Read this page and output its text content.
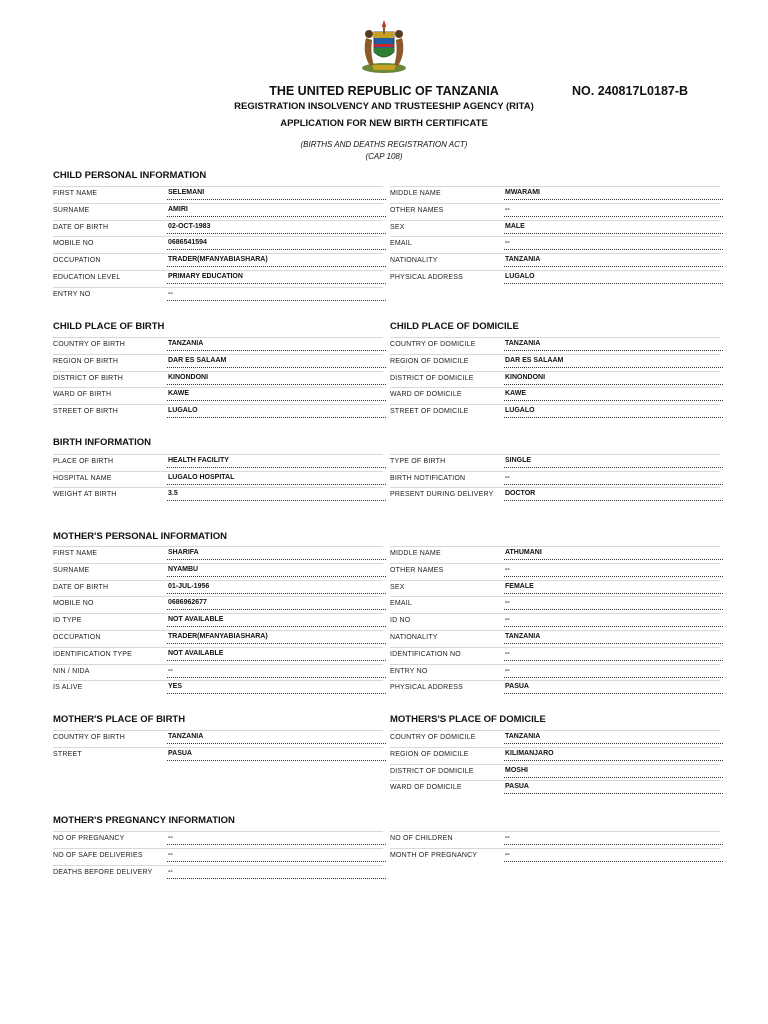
THE UNITED REPUBLIC OF TANZANIA	NO. 240817L0187-B
REGISTRATION INSOLVENCY AND TRUSTEESHIP AGENCY (RITA)
APPLICATION FOR NEW BIRTH CERTIFICATE
(BIRTHS AND DEATHS REGISTRATION ACT)
(CAP 108)
CHILD PERSONAL INFORMATION
FIRST NAME	SELEMANI	MIDDLE NAME	MWARAMI
SURNAME	AMIRI	OTHER NAMES	--
DATE OF BIRTH	02-OCT-1983	SEX	MALE
MOBILE NO	0686541594	EMAIL	--
OCCUPATION	TRADER(MFANYABIASHARA)	NATIONALITY	TANZANIA
EDUCATION LEVEL	PRIMARY EDUCATION	PHYSICAL ADDRESS	LUGALO
ENTRY NO	--
CHILD PLACE OF BIRTH	CHILD PLACE OF DOMICILE
COUNTRY OF BIRTH	TANZANIA	COUNTRY OF DOMICILE	TANZANIA
REGION OF BIRTH	DAR ES SALAAM	REGION OF DOMICILE	DAR ES SALAAM
DISTRICT OF BIRTH	KINONDONI	DISTRICT OF DOMICILE	KINONDONI
WARD OF BIRTH	KAWE	WARD OF DOMICILE	KAWE
STREET OF BIRTH	LUGALO	STREET OF DOMICILE	LUGALO
BIRTH INFORMATION
PLACE OF BIRTH	HEALTH FACILITY	TYPE OF BIRTH	SINGLE
HOSPITAL NAME	LUGALO HOSPITAL	BIRTH NOTIFICATION	--
WEIGHT AT BIRTH	3.5	PRESENT DURING DELIVERY	DOCTOR
MOTHER'S PERSONAL INFORMATION
FIRST NAME	SHARIFA	MIDDLE NAME	ATHUMANI
SURNAME	NYAMBU	OTHER NAMES	--
DATE OF BIRTH	01-JUL-1956	SEX	FEMALE
MOBILE NO	0686962677	EMAIL	--
ID TYPE	NOT AVAILABLE	ID NO	--
OCCUPATION	TRADER(MFANYABIASHARA)	NATIONALITY	TANZANIA
IDENTIFICATION TYPE	NOT AVAILABLE	IDENTIFICATION NO	--
NIN / NIDA	--	ENTRY NO	--
IS ALIVE	YES	PHYSICAL ADDRESS	PASUA
MOTHER'S PLACE OF BIRTH	MOTHERS'S PLACE OF DOMICILE
COUNTRY OF BIRTH	TANZANIA	COUNTRY OF DOMICILE	TANZANIA
STREET	PASUA	REGION OF DOMICILE	KILIMANJARO
DISTRICT OF DOMICILE	MOSHI
WARD OF DOMICILE	PASUA
MOTHER'S PREGNANCY INFORMATION
NO OF PREGNANCY	--	NO OF CHILDREN	--
NO OF SAFE DELIVERIES	--	MONTH OF PREGNANCY	--
DEATHS BEFORE DELIVERY	--
